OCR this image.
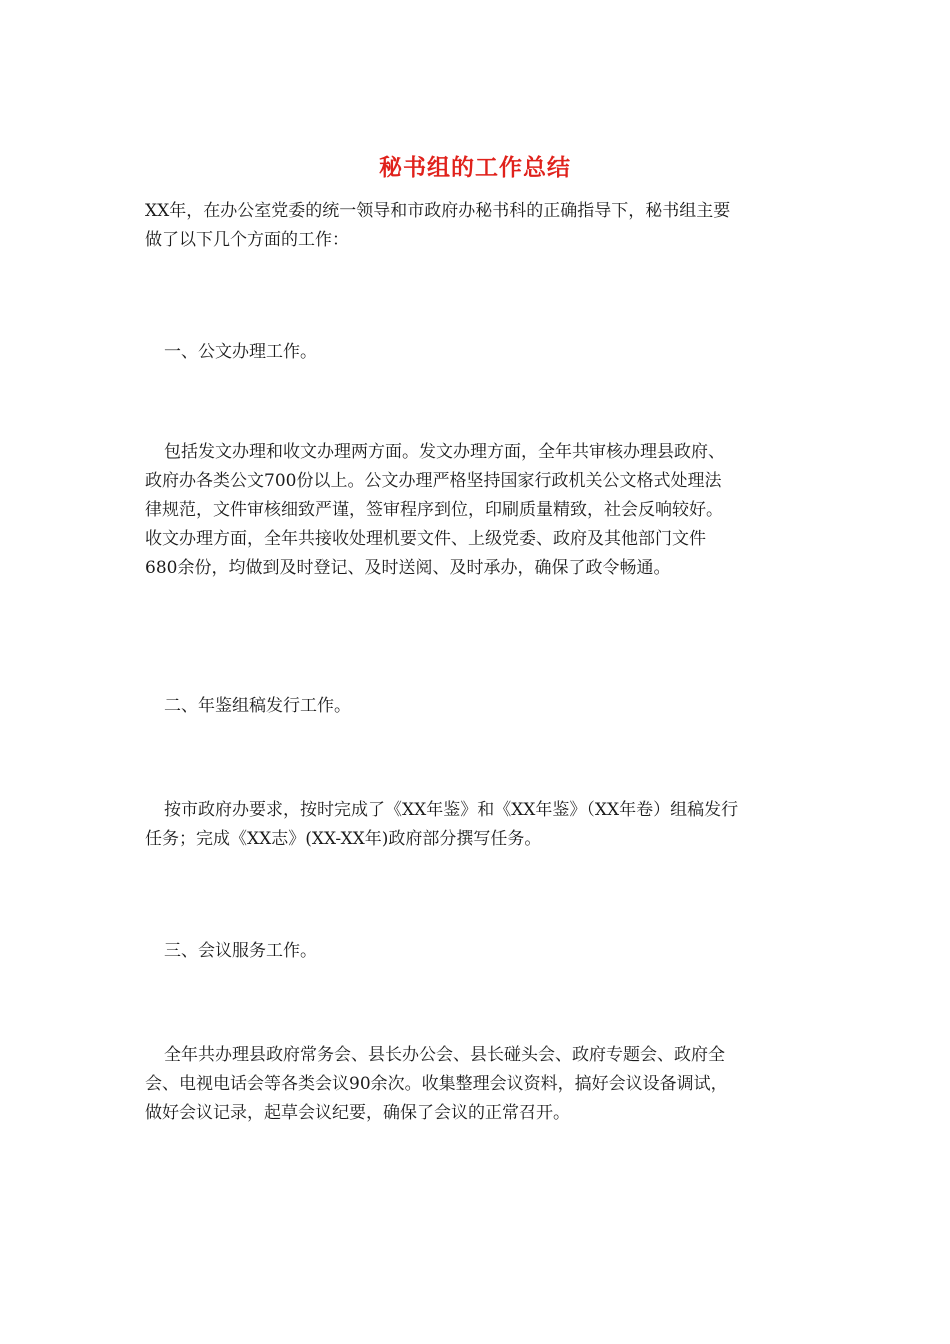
秘书组的工作总结
XX年，在办公室党委的统一领导和市政府办秘书科的正确指导下，秘书组主要
做了以下几个方面的工作：

一、公文办理工作。

包括发文办理和收文办理两方面。发文办理方面，全年共审核办理县政府、
政府办各类公文700份以上。公文办理严格坚持国家行政机关公文格式处理法
律规范，文件审核细致严谨，签审程序到位，印刷质量精致，社会反响较好。
收文办理方面，全年共接收处理机要文件、上级党委、政府及其他部门文件
680余份，均做到及时登记、及时送阅、及时承办，确保了政令畅通。

二、年鉴组稿发行工作。

按市政府办要求，按时完成了《XX年鉴》和《XX年鉴》（XX年卷）组稿发行
任务；完成《XX志》(XX-XX年)政府部分撰写任务。

三、会议服务工作。

全年共办理县政府常务会、县长办公会、县长碰头会、政府专题会、政府全
会、电视电话会等各类会议90余次。收集整理会议资料，搞好会议设备调试，
做好会议记录，起草会议纪要，确保了会议的正常召开。
